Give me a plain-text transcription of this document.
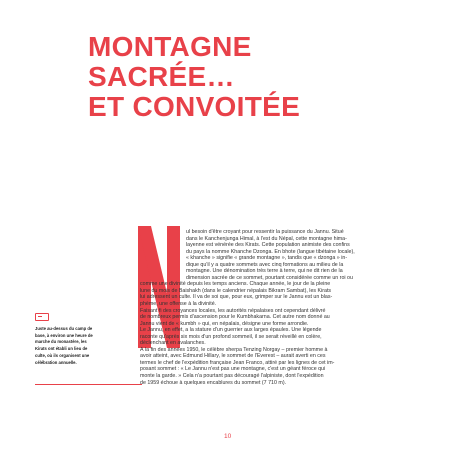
MONTAGNE
SACRÉE…
ET CONVOITÉE
Juste au-dessus du camp de
base, à environ une heure de
marche du monastère, les
Kirats ont établi un lieu de
culte, où ils organisent une
célébration annuelle.
ul besoin d'être croyant pour ressentir la puissance du Jannu. Situé
dans le Kanchenjunga Himal, à l'est du Népal, cette montagne hima-
layenne est vénérée des Kirats. Cette population animiste des confins
du pays la nomme Khanche Dzonga. En bhote (langue tibétaine locale),
« khanche » signifie « grande montagne », tandis que « dzonga » in-
dique qu'il y a quatre sommets avec cinq formations au milieu de la
montagne. Une dénomination très terre à terre, qui ne dit rien de la
dimension sacrée de ce sommet, pourtant considérée comme un roi ou
comme une divinité depuis les temps anciens. Chaque année, le jour de la pleine
lune du mois de Baishakh (dans le calendrier népalais Bikram Sambat), les Kirats
lui adressent un culte. Il va de soi que, pour eux, grimper sur le Jannu est un blas-
phème, une offense à la divinité.
Faisant fi des croyances locales, les autorités népalaises ont cependant délivré
de nombreux permis d'ascension pour le Kumbhakarna. Cet autre nom donné au
Jannu vient de « kumbh » qui, en népalais, désigne une forme arrondie.
Le Jannu, en effet, a la stature d'un guerrier aux larges épaules. Une légende
raconte qu'après six mois d'un profond sommeil, il se serait réveillé en colère,
déclenchant en avalanches.
À la fin des années 1950, le célèbre sherpa Tenzing Norgay – premier homme à
avoir atteint, avec Edmund Hillary, le sommet de l'Everest – aurait averti en ces
termes le chef de l'expédition française Jean Franco, attiré par les lignes de cet im-
posant sommet : « Le Jannu n'est pas une montagne, c'est un géant féroce qui
monte la garde. » Cela n'a pourtant pas découragé l'alpiniste, dont l'expédition
de 1959 échoue à quelques encablures du sommet (7 710 m).
10
